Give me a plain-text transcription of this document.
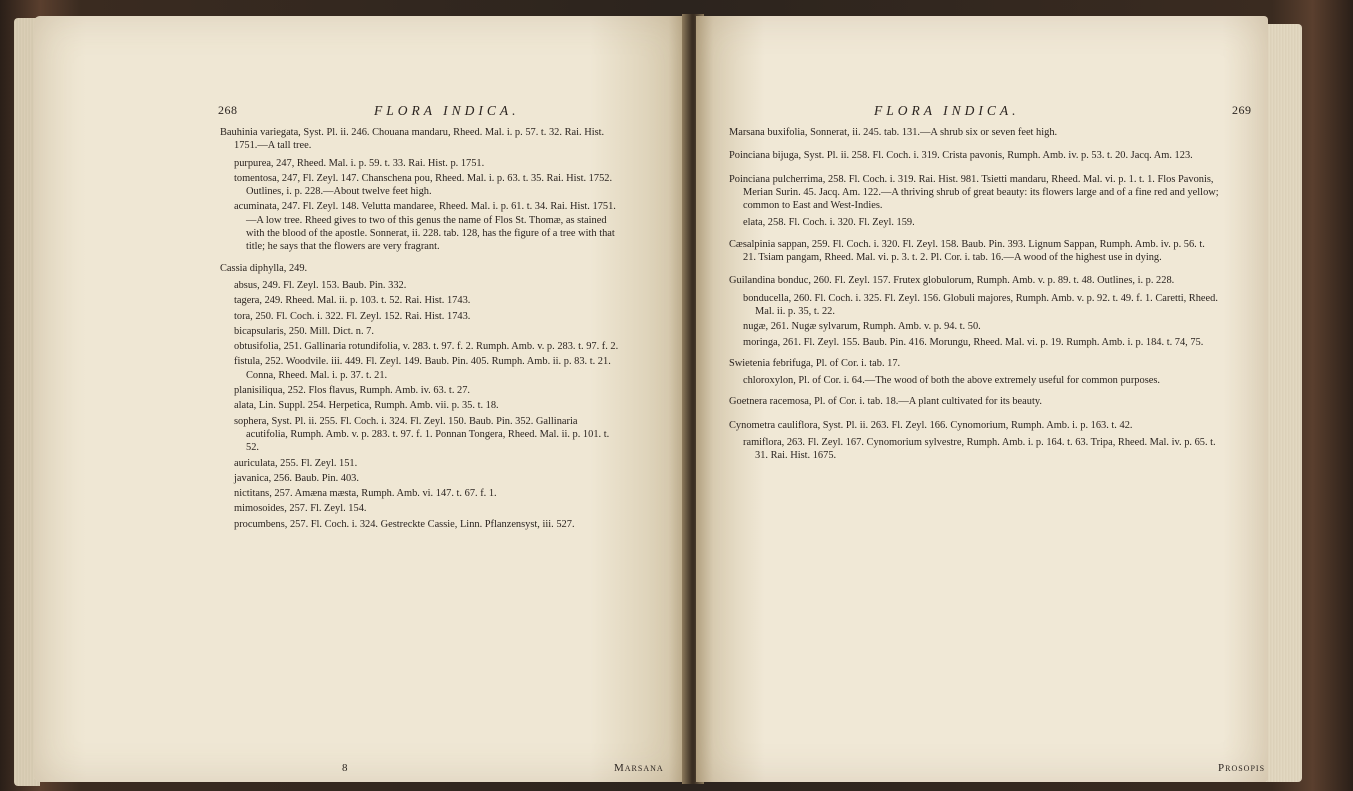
268	FLORA INDICA.
Bauhinia variegata, Syst. Pl. ii. 246. Chouana mandaru, Rheed. Mal. i. p. 57. t. 32. Rai. Hist. 1751.—A tall tree.
purpurea, 247, Rheed. Mal. i. p. 59. t. 33. Rai. Hist. p. 1751.
tomentosa, 247, Fl. Zeyl. 147. Chanschena pou, Rheed. Mal. i. p. 63. t. 35. Rai. Hist. 1752. Outlines, i. p. 228.—About twelve feet high.
acuminata, 247. Fl. Zeyl. 148. Velutta mandaree, Rheed. Mal. i. p. 61. t. 34. Rai. Hist. 1751.—A low tree. Rheed gives to two of this genus the name of Flos St. Thomæ, as stained with the blood of the apostle. Sonnerat, ii. 228. tab. 128, has the figure of a tree with that title; he says that the flowers are very fragrant.
Cassia diphylla, 249.
absus, 249. Fl. Zeyl. 153. Baub. Pin. 332.
tagera, 249. Rheed. Mal. ii. p. 103. t. 52. Rai. Hist. 1743.
tora, 250. Fl. Coch. i. 322. Fl. Zeyl. 152. Rai. Hist. 1743.
bicapsularis, 250. Mill. Dict. n. 7.
obtusifolia, 251. Gallinaria rotundifolia, v. 283. t. 97. f. 2. Rumph. Amb. v. p. 283. t. 97. f. 2.
fistula, 252. Woodvile. iii. 449. Fl. Zeyl. 149. Baub. Pin. 405. Rumph. Amb. ii. p. 83. t. 21. Conna, Rheed. Mal. i. p. 37. t. 21.
planisiliqua, 252. Flos flavus, Rumph. Amb. iv. 63. t. 27.
alata, Lin. Suppl. 254. Herpetica, Rumph. Amb. vii. p. 35. t. 18.
sophera, Syst. Pl. ii. 255. Fl. Coch. i. 324. Fl. Zeyl. 150. Baub. Pin. 352. Gallinaria acutifolia, Rumph. Amb. v. p. 283. t. 97. f. 1. Ponnan Tongera, Rheed. Mal. ii. p. 101. t. 52.
auriculata, 255. Fl. Zeyl. 151.
javanica, 256. Baub. Pin. 403.
nictitans, 257. Amæna mæsta, Rumph. Amb. vi. 147. t. 67. f. 1.
mimosoides, 257. Fl. Zeyl. 154.
procumbens, 257. Fl. Coch. i. 324. Gestreckte Cassie, Linn. Pflanzensyst, iii. 527.
8	Marsana
FLORA INDICA.	269
Marsana buxifolia, Sonnerat, ii. 245. tab. 131.—A shrub six or seven feet high.
Poinciana bijuga, Syst. Pl. ii. 258. Fl. Coch. i. 319. Crista pavonis, Rumph. Amb. iv. p. 53. t. 20. Jacq. Am. 123.
Poinciana pulcherrima, 258. Fl. Coch. i. 319. Rai. Hist. 981. Tsietti mandaru, Rheed. Mal. vi. p. 1. t. 1. Flos Pavonis, Merian Surin. 45. Jacq. Am. 122.—A thriving shrub of great beauty: its flowers large and of a fine red and yellow; common to East and West-Indies.
elata, 258. Fl. Coch. i. 320. Fl. Zeyl. 159.
Cæsalpinia sappan, 259. Fl. Coch. i. 320. Fl. Zeyl. 158. Baub. Pin. 393. Lignum Sappan, Rumph. Amb. iv. p. 56. t. 21. Tsiam pangam, Rheed. Mal. vi. p. 3. t. 2. Pl. Cor. i. tab. 16.—A wood of the highest use in dying.
Guilandina bonduc, 260. Fl. Zeyl. 157. Frutex globulorum, Rumph. Amb. v. p. 89. t. 48. Outlines, i. p. 228.
bonducella, 260. Fl. Coch. i. 325. Fl. Zeyl. 156. Globuli majores, Rumph. Amb. v. p. 92. t. 49. f. 1. Caretti, Rheed. Mal. ii. p. 35, t. 22.
nugæ, 261. Nugæ sylvarum, Rumph. Amb. v. p. 94. t. 50.
moringa, 261. Fl. Zeyl. 155. Baub. Pin. 416. Morungu, Rheed. Mal. vi. p. 19. Rumph. Amb. i. p. 184. t. 74, 75.
Swietenia febrifuga, Pl. of Cor. i. tab. 17.
chloroxylon, Pl. of Cor. i. 64.—The wood of both the above extremely useful for common purposes.
Goetnera racemosa, Pl. of Cor. i. tab. 18.—A plant cultivated for its beauty.
Cynometra cauliflora, Syst. Pl. ii. 263. Fl. Zeyl. 166. Cynomorium, Rumph. Amb. i. p. 163. t. 42.
ramiflora, 263. Fl. Zeyl. 167. Cynomorium sylvestre, Rumph. Amb. i. p. 164. t. 63. Tripa, Rheed. Mal. iv. p. 65. t. 31. Rai. Hist. 1675.
Prosopis
